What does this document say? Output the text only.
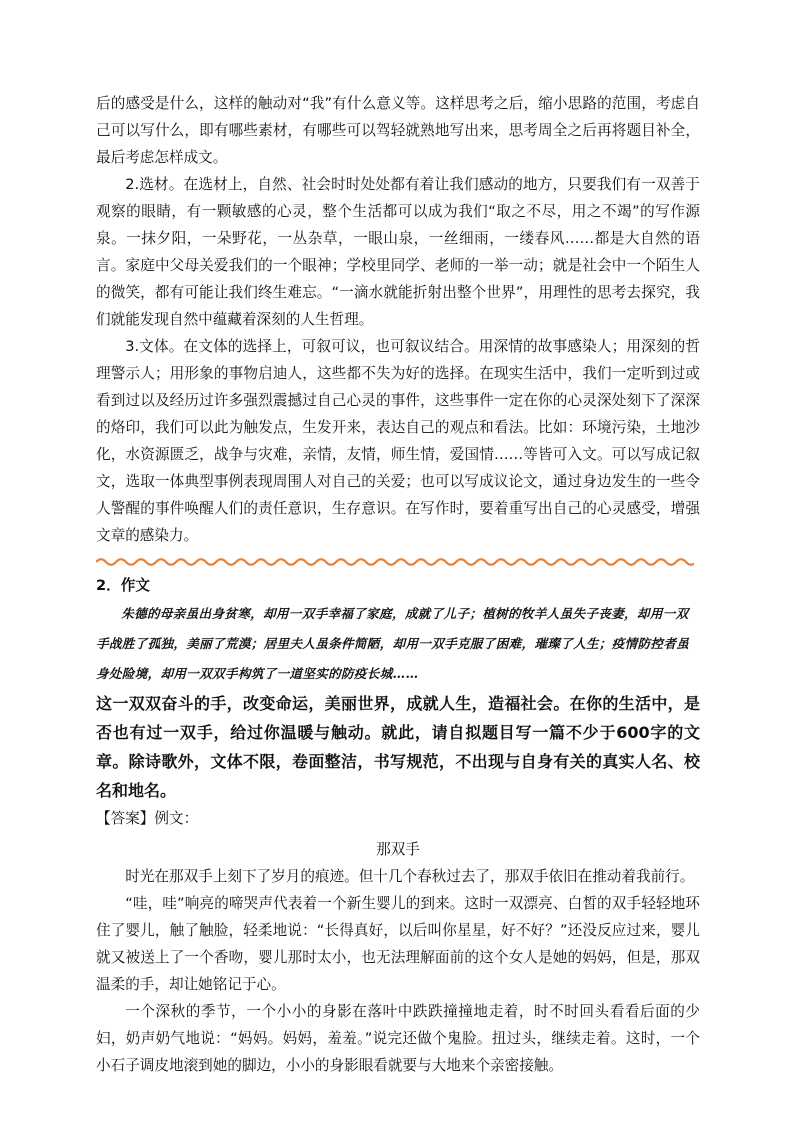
后的感受是什么，这样的触动对“我”有什么意义等。这样思考之后，缩小思路的范围，考虑自己可以写什么，即有哪些素材，有哪些可以驾轻就熟地写出来，思考周全之后再将题目补全，最后考虑怎样成文。

2.选材。在选材上，自然、社会时时处处都有着让我们感动的地方，只要我们有一双善于观察的眼睛，有一颗敏感的心灵，整个生活都可以成为我们“取之不尽，用之不竭”的写作源泉。一抹夕阳，一朵野花，一丛杂草，一眼山泉，一丝细雨，一缕春风……都是大自然的语言。家庭中父母关爱我们的一个眼神；学校里同学、老师的一举一动；就是社会中一个陌生人的微笑，都有可能让我们终生难忘。“一滴水就能折射出整个世界”，用理性的思考去探究，我们就能发现自然中蕴藏着深刻的人生哲理。

3.文体。在文体的选择上，可叙可议，也可叙议结合。用深情的故事感染人；用深刻的哲理警示人；用形象的事物启迪人，这些都不失为好的选择。在现实生活中，我们一定听到过或看到过以及经历过许多强烈震撼过自己心灵的事件，这些事件一定在你的心灵深处刻下了深深的烙印，我们可以此为触发点，生发开来，表达自己的观点和看法。比如：环境污染，土地沙化，水资源匮乏，战争与灾难，亲情，友情，师生情，爱国情……等皆可入文。可以写成记叙文，选取一体典型事例表现周围人对自己的关爱；也可以写成议论文，通过身边发生的一些令人警醒的事件唤醒人们的责任意识，生存意识。在写作时，要着重写出自己的心灵感受，增强文章的感染力。

2．作文

朱德的母亲虽出身贫寒，却用一双手幸福了家庭，成就了儿子；植树的牧羊人虽失子丧妻，却用一双手战胜了孤独，美丽了荒漠；居里夫人虽条件简陋，却用一双手克服了困难，璀璨了人生；疫情防控者虽身处险境，却用一双双手构筑了一道坚实的防疫长城……

这一双双奋斗的手，改变命运，美丽世界，成就人生，造福社会。在你的生活中，是否也有过一双手，给过你温暖与触动。就此，请自拟题目写一篇不少于600字的文章。除诗歌外，文体不限，卷面整洁，书写规范，不出现与自身有关的真实人名、校名和地名。

【答案】例文：

那双手

时光在那双手上刻下了岁月的痕迹。但十几个春秋过去了，那双手依旧在推动着我前行。

“哇，哇”响亮的啼哭声代表着一个新生婴儿的到来。这时一双漂亮、白皙的双手轻轻地环住了婴儿，触了触脸，轻柔地说：“长得真好，以后叫你星星，好不好？”还没反应过来，婴儿就又被送上了一个香吻，婴儿那时太小，也无法理解面前的这个女人是她的妈妈，但是，那双温柔的手，却让她铭记于心。

一个深秋的季节，一个小小的身影在落叶中跌跌撞撞地走着，时不时回头看看后面的少妇，奶声奶气地说：“妈妈。妈妈，羞羞。”说完还做个鬼脸。扭过头，继续走着。这时，一个小石子调皮地滚到她的脚边，小小的身影眼看就要与大地来个亲密接触。
